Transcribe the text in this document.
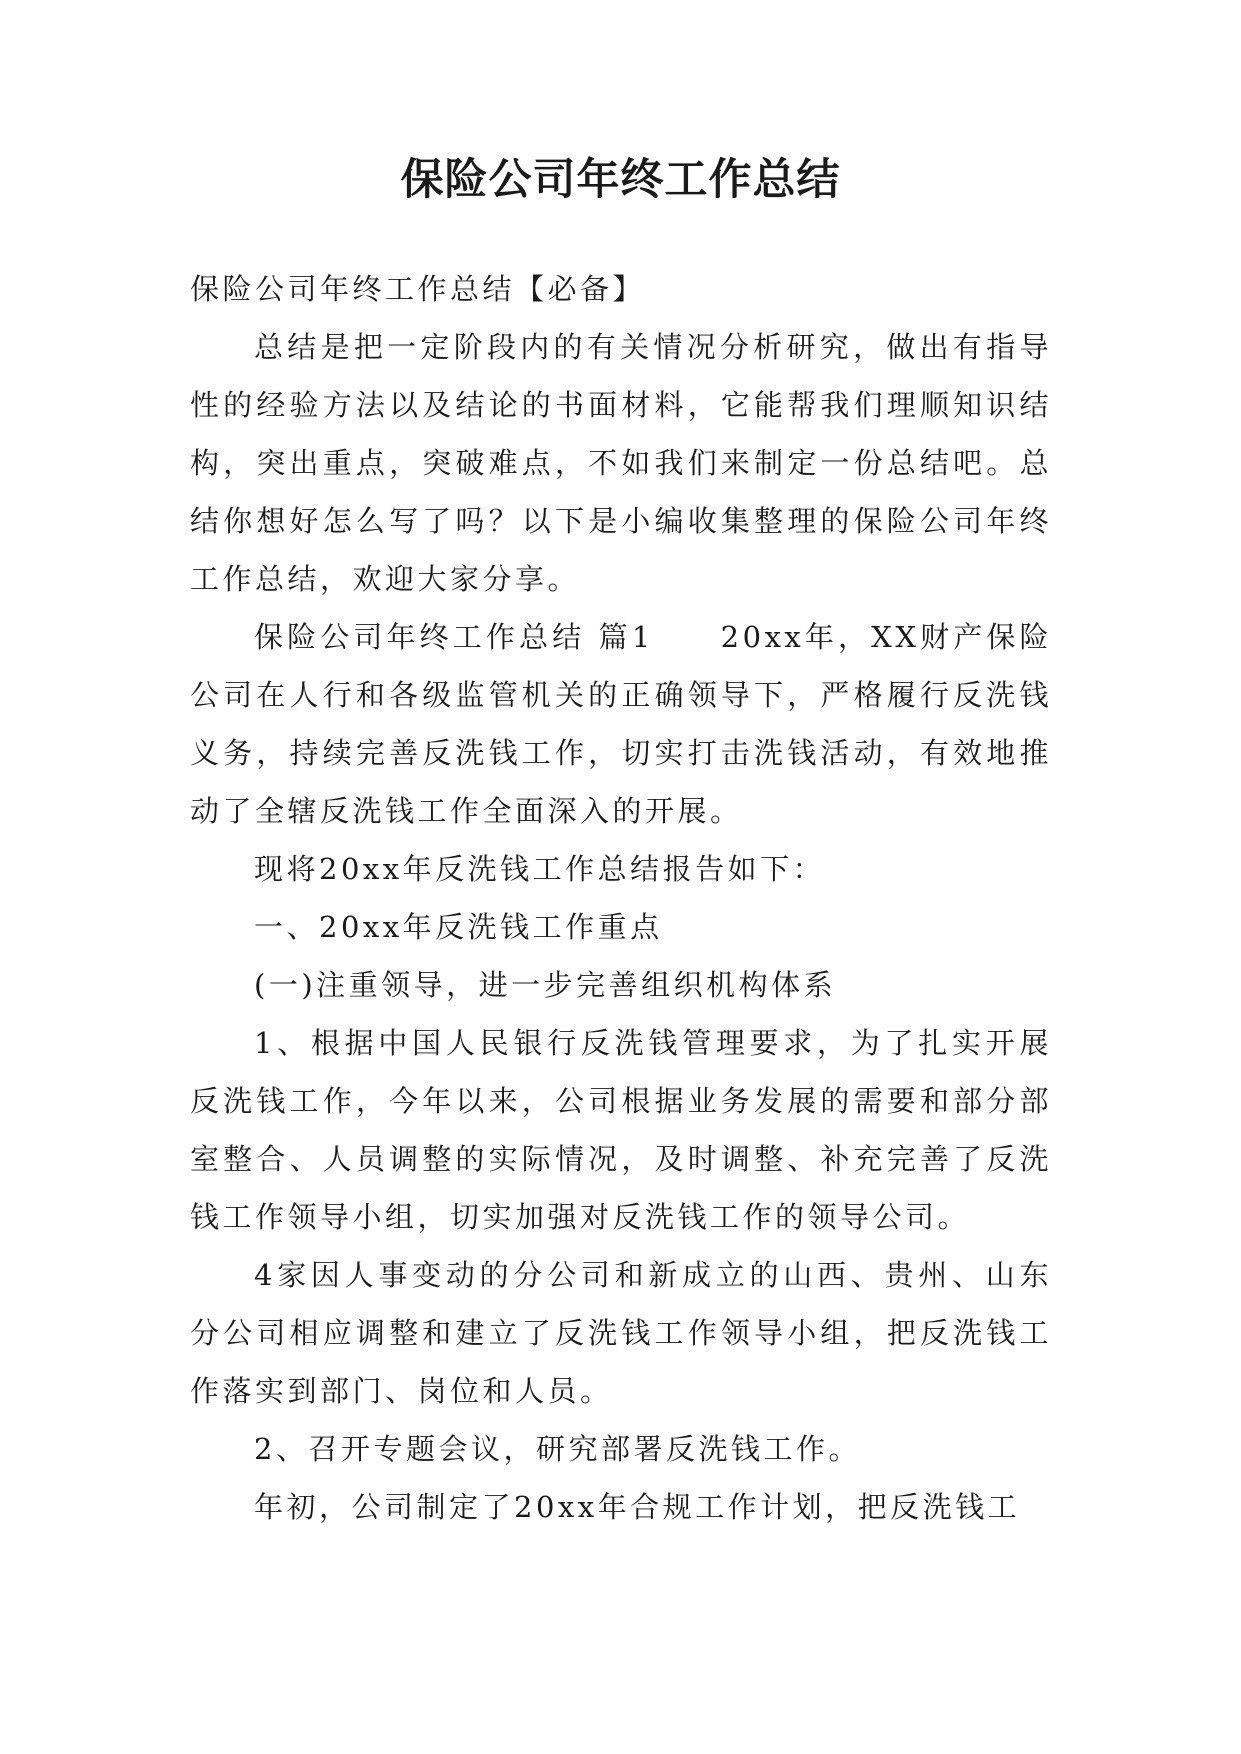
保险公司年终工作总结

保险公司年终工作总结【必备】

总结是把一定阶段内的有关情况分析研究，做出有指导性的经验方法以及结论的书面材料，它能帮我们理顺知识结构，突出重点，突破难点，不如我们来制定一份总结吧。总结你想好怎么写了吗？以下是小编收集整理的保险公司年终工作总结，欢迎大家分享。

保险公司年终工作总结 篇1　　20xx年，XX财产保险公司在人行和各级监管机关的正确领导下，严格履行反洗钱义务，持续完善反洗钱工作，切实打击洗钱活动，有效地推动了全辖反洗钱工作全面深入的开展。

现将20xx年反洗钱工作总结报告如下：

一、20xx年反洗钱工作重点

(一)注重领导，进一步完善组织机构体系

1、根据中国人民银行反洗钱管理要求，为了扎实开展反洗钱工作，今年以来，公司根据业务发展的需要和部分部室整合、人员调整的实际情况，及时调整、补充完善了反洗钱工作领导小组，切实加强对反洗钱工作的领导公司。

4家因人事变动的分公司和新成立的山西、贵州、山东分公司相应调整和建立了反洗钱工作领导小组，把反洗钱工作落实到部门、岗位和人员。

2、召开专题会议，研究部署反洗钱工作。

年初，公司制定了20xx年合规工作计划，把反洗钱工
